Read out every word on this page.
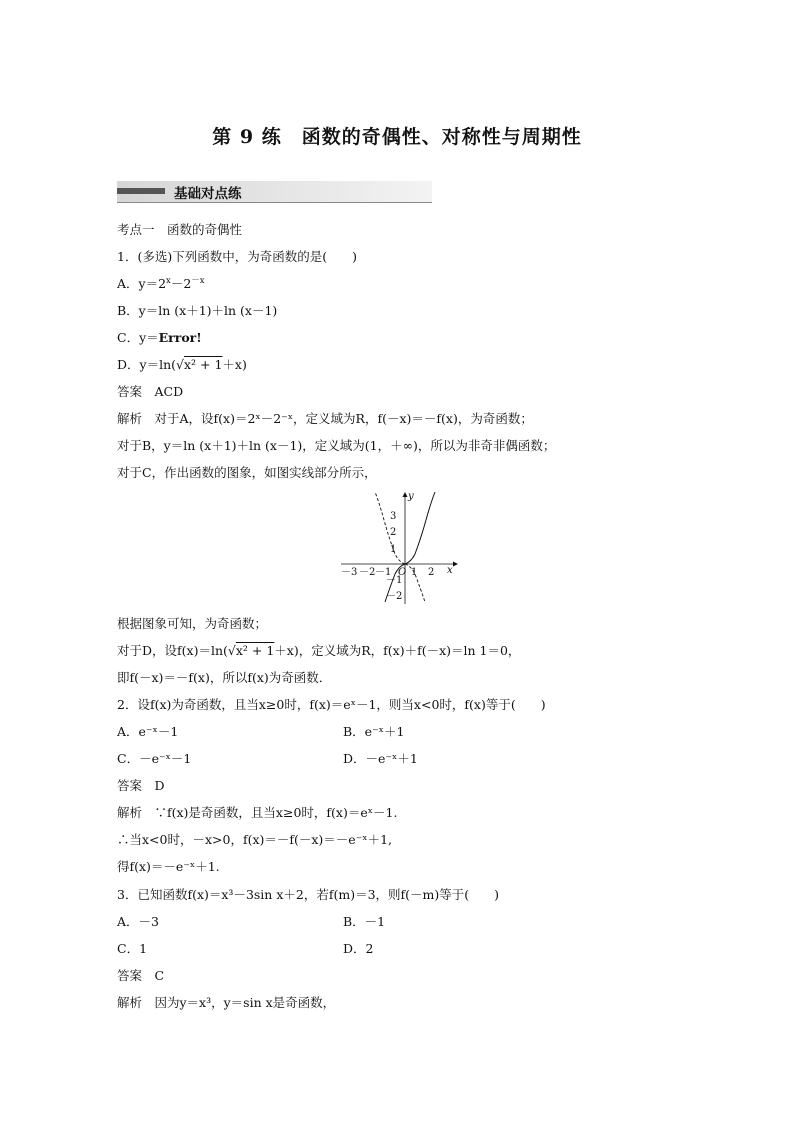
第 9 练　函数的奇偶性、对称性与周期性
基础对点练
考点一　函数的奇偶性
1．(多选)下列函数中，为奇函数的是(　　)
A．$y=2^x-2^{-x}$
B．y＝ln (x＋1)＋ln (x－1)
C．y＝Error!
D．y＝ln(√x² + 1＋x)
答案　ACD
解析　对于A，设f(x)＝2ˣ－2⁻ˣ，定义域为R，f(－x)＝－f(x)，为奇函数；
对于B，y＝ln (x＋1)＋ln (x－1)，定义域为(1，＋∞)，所以为非奇非偶函数；
对于C，作出函数的图象，如图实线部分所示，
y
x
O
－3 －2 －1 1 2
3
2
1
－1
－2
根据图象可知，为奇函数；
对于D，设f(x)＝ln(√x² + 1＋x)，定义域为R，f(x)＋f(－x)＝ln 1＝0，
即f(－x)＝－f(x)，所以f(x)为奇函数．
2．设f(x)为奇函数，且当x≥0时，f(x)＝eˣ－1，则当x<0时，f(x)等于(　　)
A．e⁻ˣ－1	B．e⁻ˣ＋1
C．－e⁻ˣ－1	D．－e⁻ˣ＋1
答案　D
解析　∵f(x)是奇函数，且当x≥0时，f(x)＝eˣ－1.
∴当x<0时，－x>0，f(x)＝－f(－x)＝－e⁻ˣ＋1,
得f(x)＝－e⁻ˣ＋1.
3．已知函数f(x)＝x³－3sin x＋2，若f(m)＝3，则f(－m)等于(　　)
A．－3	B．－1
C．1	D．2
答案　C
解析　因为y＝x³，y＝sin x是奇函数，
